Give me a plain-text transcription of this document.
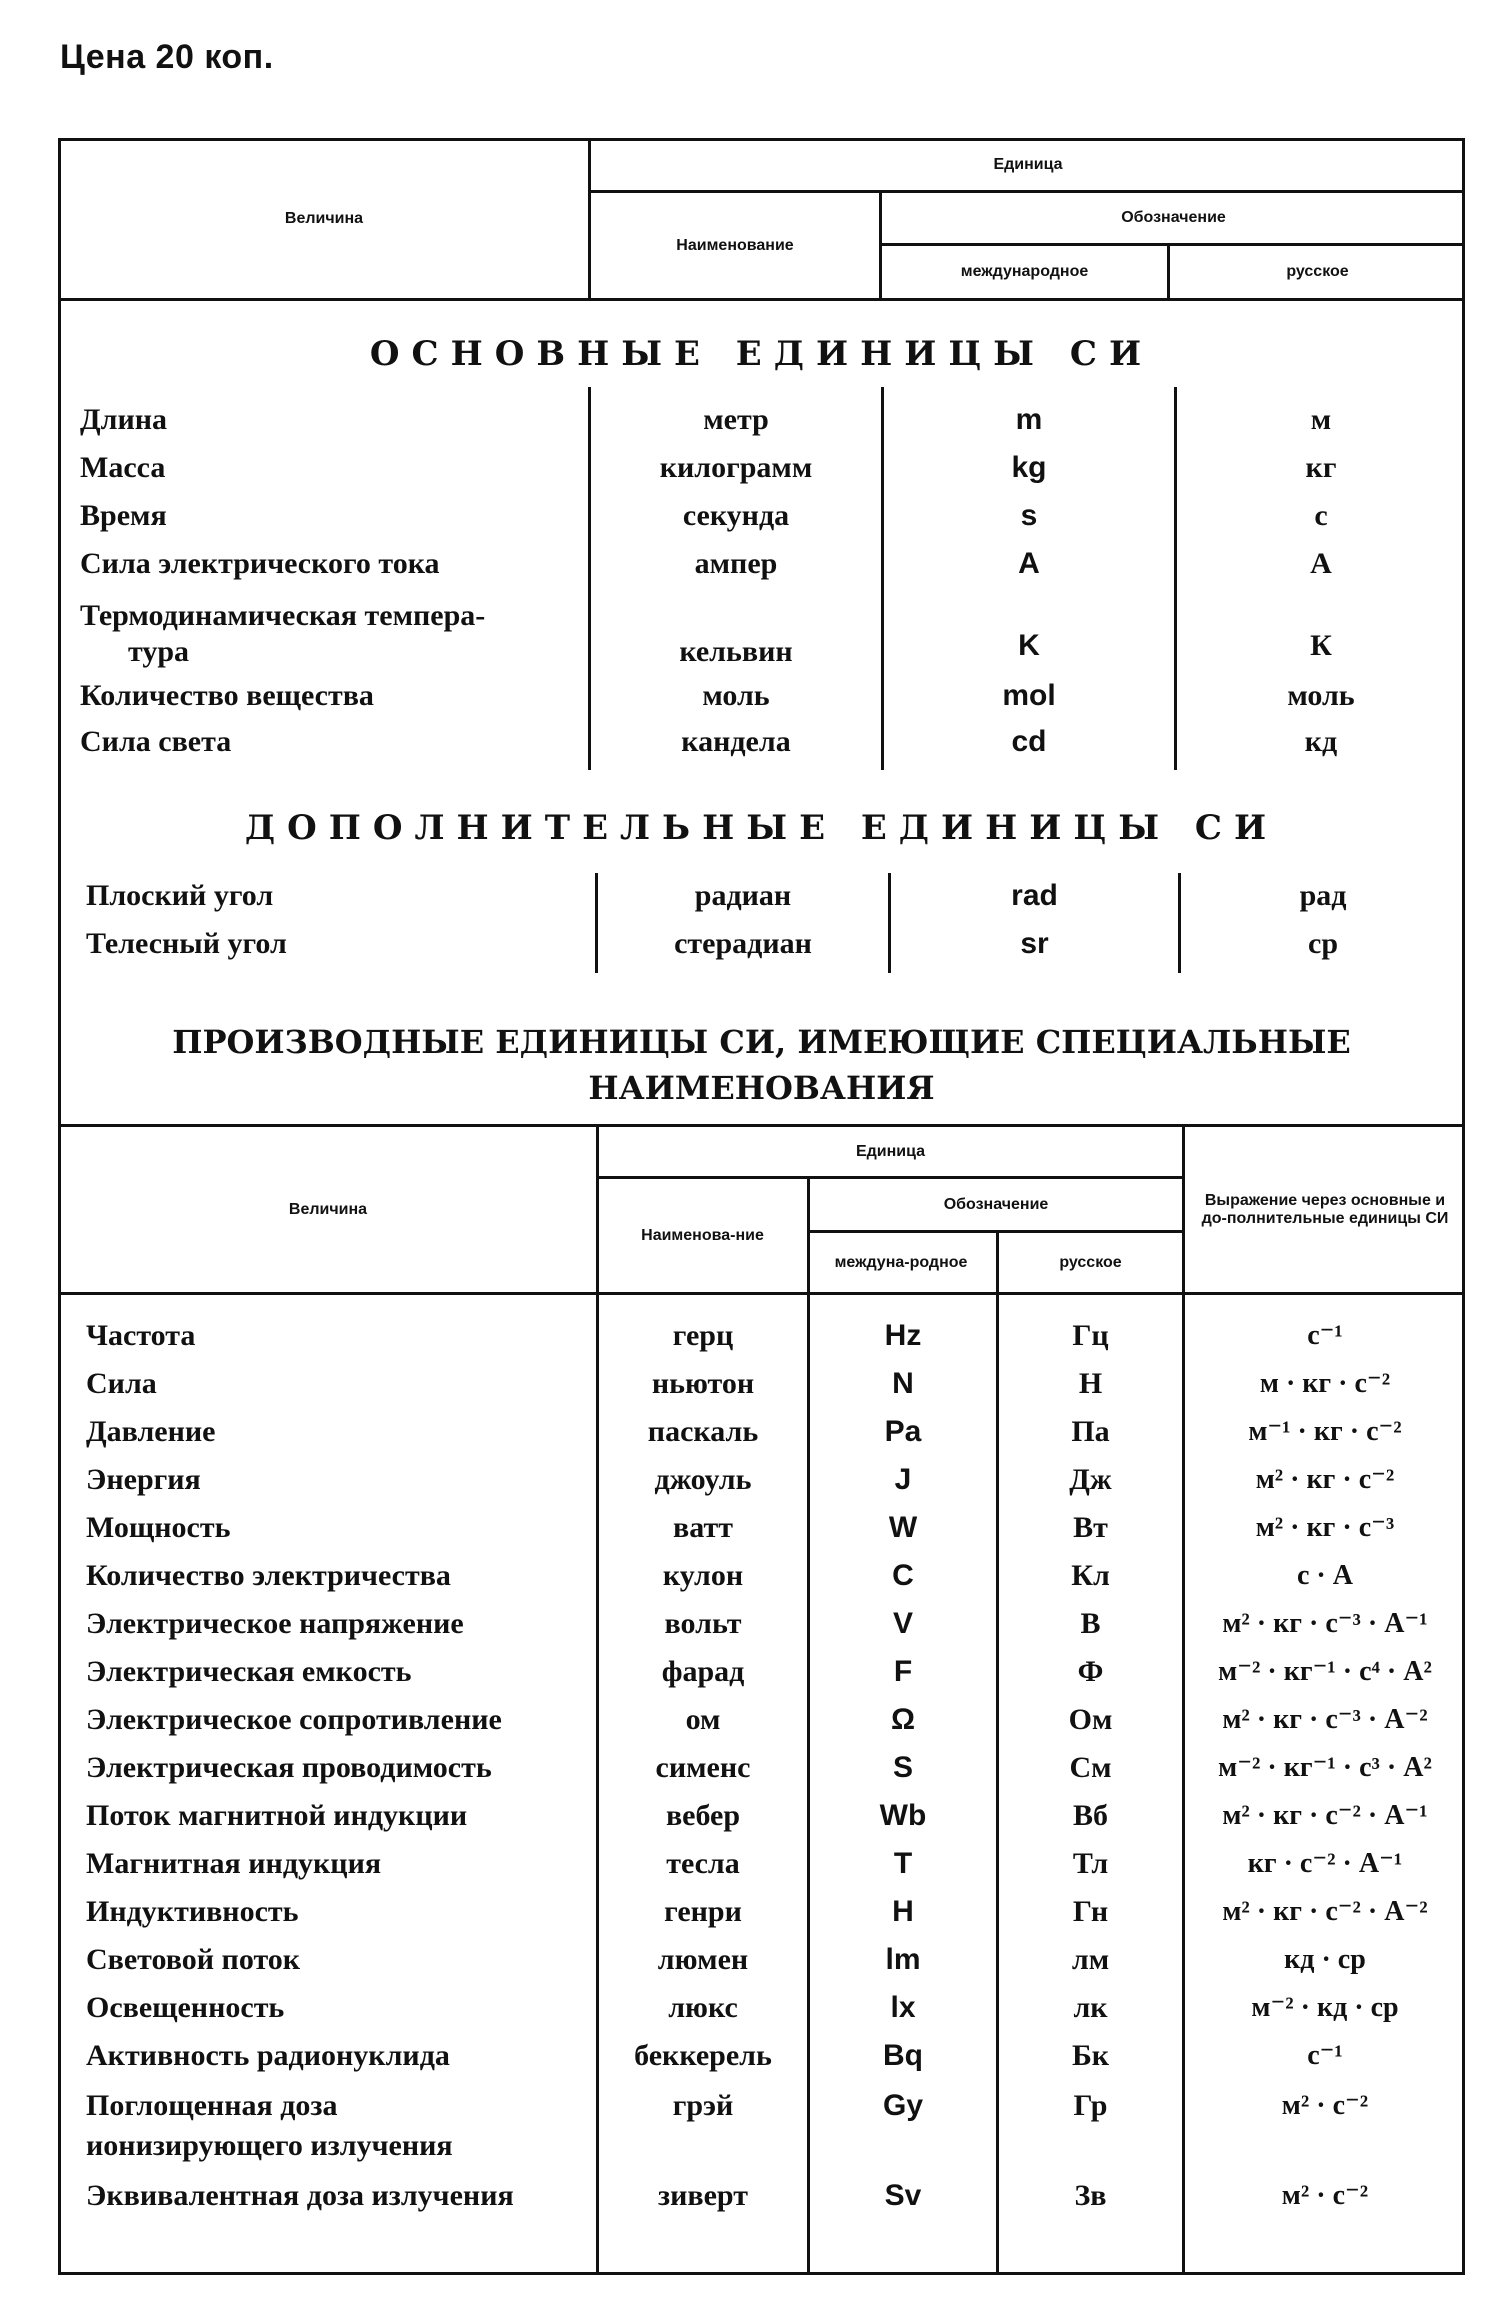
Цена 20 коп.
Величина
Единица
Наименование
Обозначение
международное	русское
ОСНОВНЫЕ ЕДИНИЦЫ СИ
Длина	метр	m	м
Масса	килограмм	kg	кг
Время	секунда	s	с
Сила электрического тока	ампер	A	А
Термодинамическая темпера-
тура	кельвин	K	К
Количество вещества	моль	mol	моль
Сила света	кандела	cd	кд
ДОПОЛНИТЕЛЬНЫЕ ЕДИНИЦЫ СИ
Плоский угол	радиан	rad	рад
Телесный угол	стерадиан	sr	ср
ПРОИЗВОДНЫЕ ЕДИНИЦЫ СИ, ИМЕЮЩИЕ СПЕЦИАЛЬНЫЕ
НАИМЕНОВАНИЯ
Величина
Единица
Наименова-ние
Обозначение
междуна-родное	русское
Выражение через основные и до-полнительные единицы СИ
Частота	герц	Hz	Гц	с⁻¹
Сила	ньютон	N	Н	м · кг · с⁻²
Давление	паскаль	Pa	Па	м⁻¹ · кг · с⁻²
Энергия	джоуль	J	Дж	м² · кг · с⁻²
Мощность	ватт	W	Вт	м² · кг · с⁻³
Количество электричества	кулон	C	Кл	с · А
Электрическое напряжение	вольт	V	В	м² · кг · с⁻³ · А⁻¹
Электрическая емкость	фарад	F	Ф	м⁻² · кг⁻¹ · с⁴ · А²
Электрическое сопротивление	ом	Ω	Ом	м² · кг · с⁻³ · А⁻²
Электрическая проводимость	сименс	S	См	м⁻² · кг⁻¹ · с³ · А²
Поток магнитной индукции	вебер	Wb	Вб	м² · кг · с⁻² · А⁻¹
Магнитная индукция	тесла	T	Тл	кг · с⁻² · А⁻¹
Индуктивность	генри	H	Гн	м² · кг · с⁻² · А⁻²
Световой поток	люмен	lm	лм	кд · ср
Освещенность	люкс	lx	лк	м⁻² · кд · ср
Активность радионуклида	беккерель	Bq	Бк	с⁻¹
Поглощенная доза
ионизирующего излучения
грэй	Gy	Гр	м² · с⁻²
Эквивалентная доза излучения	зиверт	Sv	Зв	м² · с⁻²
